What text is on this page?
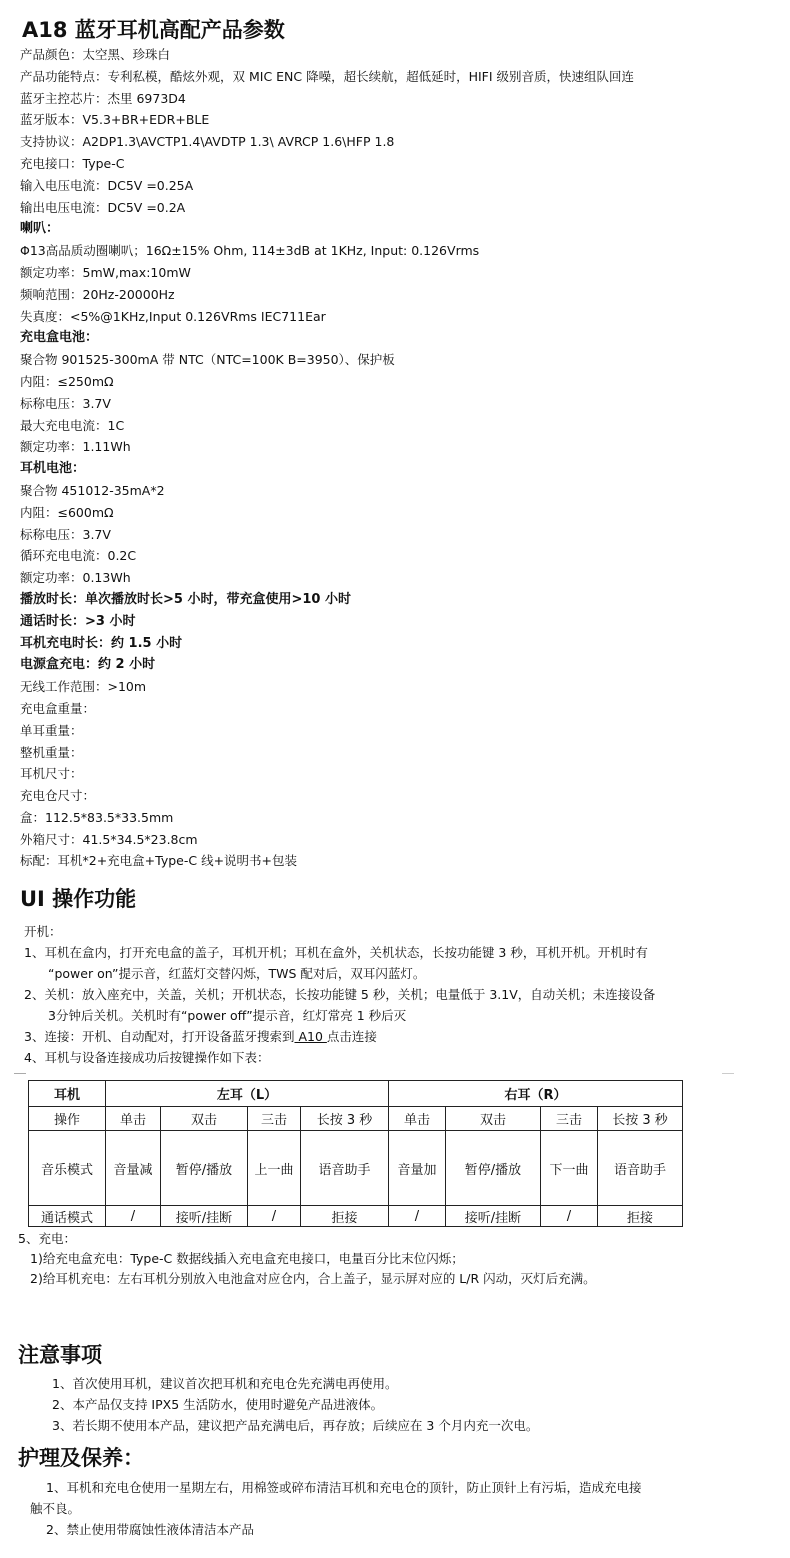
A18 蓝牙耳机高配产品参数
产品颜色：太空黑、珍珠白
产品功能特点：专利私模，酷炫外观，双 MIC ENC 降噪，超长续航，超低延时，HIFI 级别音质，快速组队回连
蓝牙主控芯片：杰里 6973D4
蓝牙版本：V5.3+BR+EDR+BLE
支持协议：A2DP1.3\AVCTP1.4\AVDTP 1.3\ AVRCP 1.6\HFP 1.8
充电接口：Type-C
输入电压电流：DC5V =0.25A
输出电压电流：DC5V =0.2A
喇叭：
Φ13高品质动圈喇叭；16Ω±15% Ohm, 114±3dB at 1KHz, Input: 0.126Vrms
额定功率：5mW,max:10mW
频响范围：20Hz-20000Hz
失真度：<5%@1KHz,Input 0.126VRms IEC711Ear
充电盒电池：
聚合物 901525-300mA 带 NTC（NTC=100K B=3950）、保护板
内阻：≤250mΩ
标称电压：3.7V
最大充电电流：1C
额定功率：1.11Wh
耳机电池：
聚合物 451012-35mA*2
内阻：≤600mΩ
标称电压：3.7V
循环充电电流：0.2C
额定功率：0.13Wh
播放时长：单次播放时长>5 小时，带充盒使用>10 小时
通话时长：>3 小时
耳机充电时长：约 1.5 小时
电源盒充电：约 2 小时
无线工作范围：>10m
充电盒重量：
单耳重量：
整机重量：
耳机尺寸：
充电仓尺寸：
盒：112.5*83.5*33.5mm
外箱尺寸：41.5*34.5*23.8cm
标配：耳机*2+充电盒+Type-C 线+说明书+包装
UI 操作功能
开机：
1、耳机在盒内，打开充电盒的盖子，耳机开机；耳机在盒外，关机状态，长按功能键 3 秒，耳机开机。开机时有
“power on”提示音，红蓝灯交替闪烁，TWS 配对后，双耳闪蓝灯。
2、关机：放入座充中，关盖，关机；开机状态，长按功能键 5 秒，关机；电量低于 3.1V，自动关机；未连接设备
3分钟后关机。关机时有“power off”提示音，红灯常亮 1 秒后灭
3、连接：开机、自动配对，打开设备蓝牙搜索到 A10 点击连接
4、耳机与设备连接成功后按键操作如下表：
耳机	左耳（L）				右耳（R）			
操作	单击	双击	三击	长按 3 秒	单击	双击	三击	长按 3 秒
音乐模式	音量减	暂停/播放	上一曲	语音助手	音量加	暂停/播放	下一曲	语音助手
通话模式	/	接听/挂断	/	拒接	/	接听/挂断	/	拒接
5、充电：
1)给充电盒充电：Type-C 数据线插入充电盒充电接口，电量百分比末位闪烁；
2)给耳机充电：左右耳机分别放入电池盒对应仓内，合上盖子，显示屏对应的 L/R 闪动，灭灯后充满。
注意事项
1、首次使用耳机，建议首次把耳机和充电仓先充满电再使用。
2、本产品仅支持 IPX5 生活防水，使用时避免产品进液体。
3、若长期不使用本产品，建议把产品充满电后，再存放；后续应在 3 个月内充一次电。
护理及保养：
1、耳机和充电仓使用一星期左右，用棉签或碎布清洁耳机和充电仓的顶针，防止顶针上有污垢，造成充电接
触不良。
2、禁止使用带腐蚀性液体清洁本产品
